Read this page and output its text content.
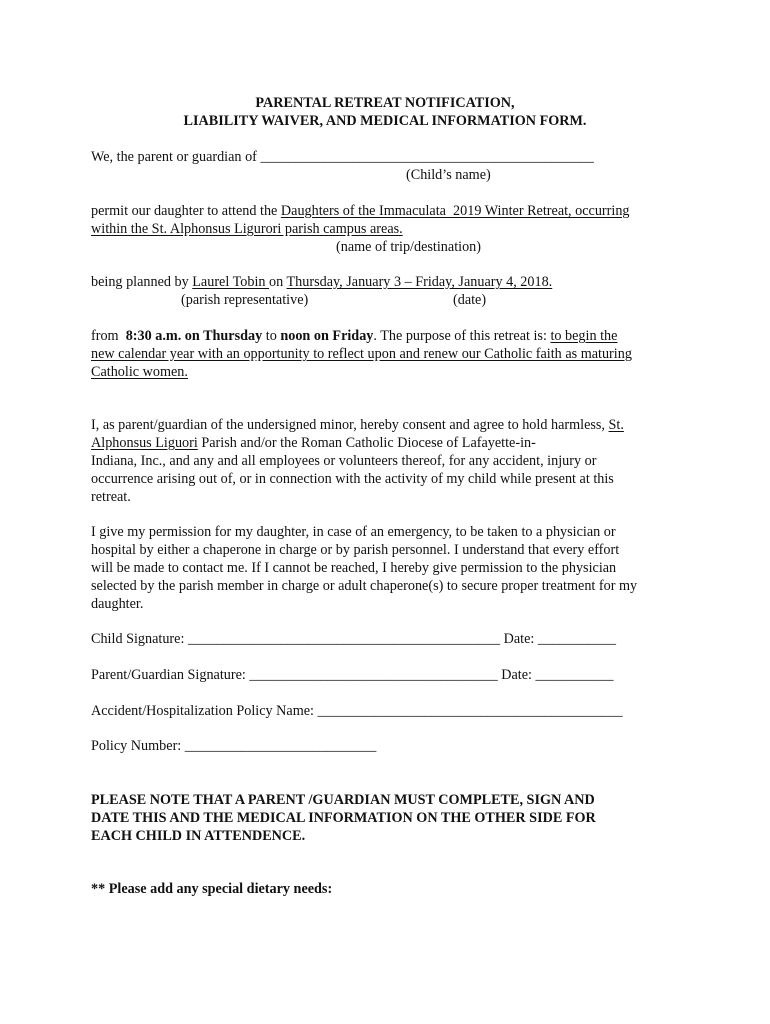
PARENTAL RETREAT NOTIFICATION,
LIABILITY WAIVER, AND MEDICAL INFORMATION FORM.
We, the parent or guardian of _______________________________________________
(Child’s name)
permit our daughter to attend the Daughters of the Immaculata  2019 Winter Retreat, occurring
within the St. Alphonsus Ligurori parish campus areas.
(name of trip/destination)
being planned by Laurel Tobin on Thursday, January 3 – Friday, January 4, 2018.
(parish representative)	(date)
from  8:30 a.m. on Thursday to noon on Friday. The purpose of this retreat is: to begin the
new calendar year with an opportunity to reflect upon and renew our Catholic faith as maturing
Catholic women.
I, as parent/guardian of the undersigned minor, hereby consent and agree to hold harmless, St.
Alphonsus Liguori Parish and/or the Roman Catholic Diocese of Lafayette-in-
Indiana, Inc., and any and all employees or volunteers thereof, for any accident, injury or
occurrence arising out of, or in connection with the activity of my child while present at this
retreat.
I give my permission for my daughter, in case of an emergency, to be taken to a physician or
hospital by either a chaperone in charge or by parish personnel. I understand that every effort
will be made to contact me. If I cannot be reached, I hereby give permission to the physician
selected by the parish member in charge or adult chaperone(s) to secure proper treatment for my
daughter.
Child Signature: ____________________________________________ Date: ___________
Parent/Guardian Signature: ___________________________________ Date: ___________
Accident/Hospitalization Policy Name: ___________________________________________
Policy Number: ___________________________
PLEASE NOTE THAT A PARENT /GUARDIAN MUST COMPLETE, SIGN AND
DATE THIS AND THE MEDICAL INFORMATION ON THE OTHER SIDE FOR
EACH CHILD IN ATTENDENCE.
** Please add any special dietary needs:
